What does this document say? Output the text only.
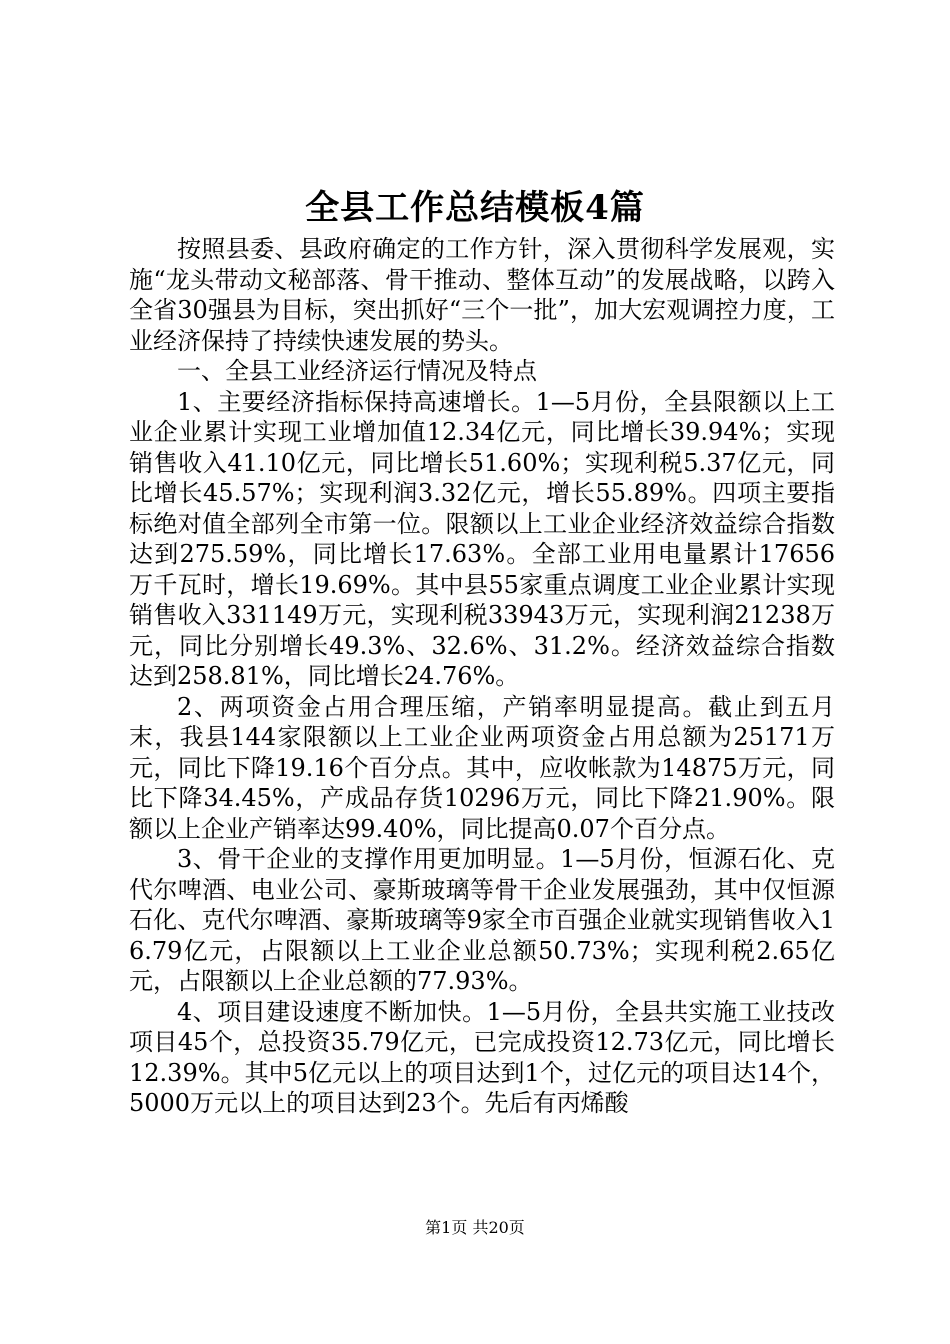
全县工作总结模板4篇

按照县委、县政府确定的工作方针，深入贯彻科学发展观，实施“龙头带动文秘部落、骨干推动、整体互动”的发展战略，以跨入全省30强县为目标，突出抓好“三个一批”，加大宏观调控力度，工业经济保持了持续快速发展的势头。

一、全县工业经济运行情况及特点

1、主要经济指标保持高速增长。1—5月份，全县限额以上工业企业累计实现工业增加值12.34亿元，同比增长39.94%；实现销售收入41.10亿元，同比增长51.60%；实现利税5.37亿元，同比增长45.57%；实现利润3.32亿元，增长55.89%。四项主要指标绝对值全部列全市第一位。限额以上工业企业经济效益综合指数达到275.59%，同比增长17.63%。全部工业用电量累计17656万千瓦时，增长19.69%。其中县55家重点调度工业企业累计实现销售收入331149万元，实现利税33943万元，实现利润21238万元，同比分别增长49.3%、32.6%、31.2%。经济效益综合指数达到258.81%，同比增长24.76%。

2、两项资金占用合理压缩，产销率明显提高。截止到五月末，我县144家限额以上工业企业两项资金占用总额为25171万元，同比下降19.16个百分点。其中，应收帐款为14875万元，同比下降34.45%，产成品存货10296万元，同比下降21.90%。限额以上企业产销率达99.40%，同比提高0.07个百分点。

3、骨干企业的支撑作用更加明显。1—5月份，恒源石化、克代尔啤酒、电业公司、豪斯玻璃等骨干企业发展强劲，其中仅恒源石化、克代尔啤酒、豪斯玻璃等9家全市百强企业就实现销售收入16.79亿元，占限额以上工业企业总额50.73%；实现利税2.65亿元，占限额以上企业总额的77.93%。

4、项目建设速度不断加快。1—5月份，全县共实施工业技改项目45个，总投资35.79亿元，已完成投资12.73亿元，同比增长12.39%。其中5亿元以上的项目达到1个，过亿元的项目达14个，5000万元以上的项目达到23个。先后有丙烯酸

第1页 共20页
